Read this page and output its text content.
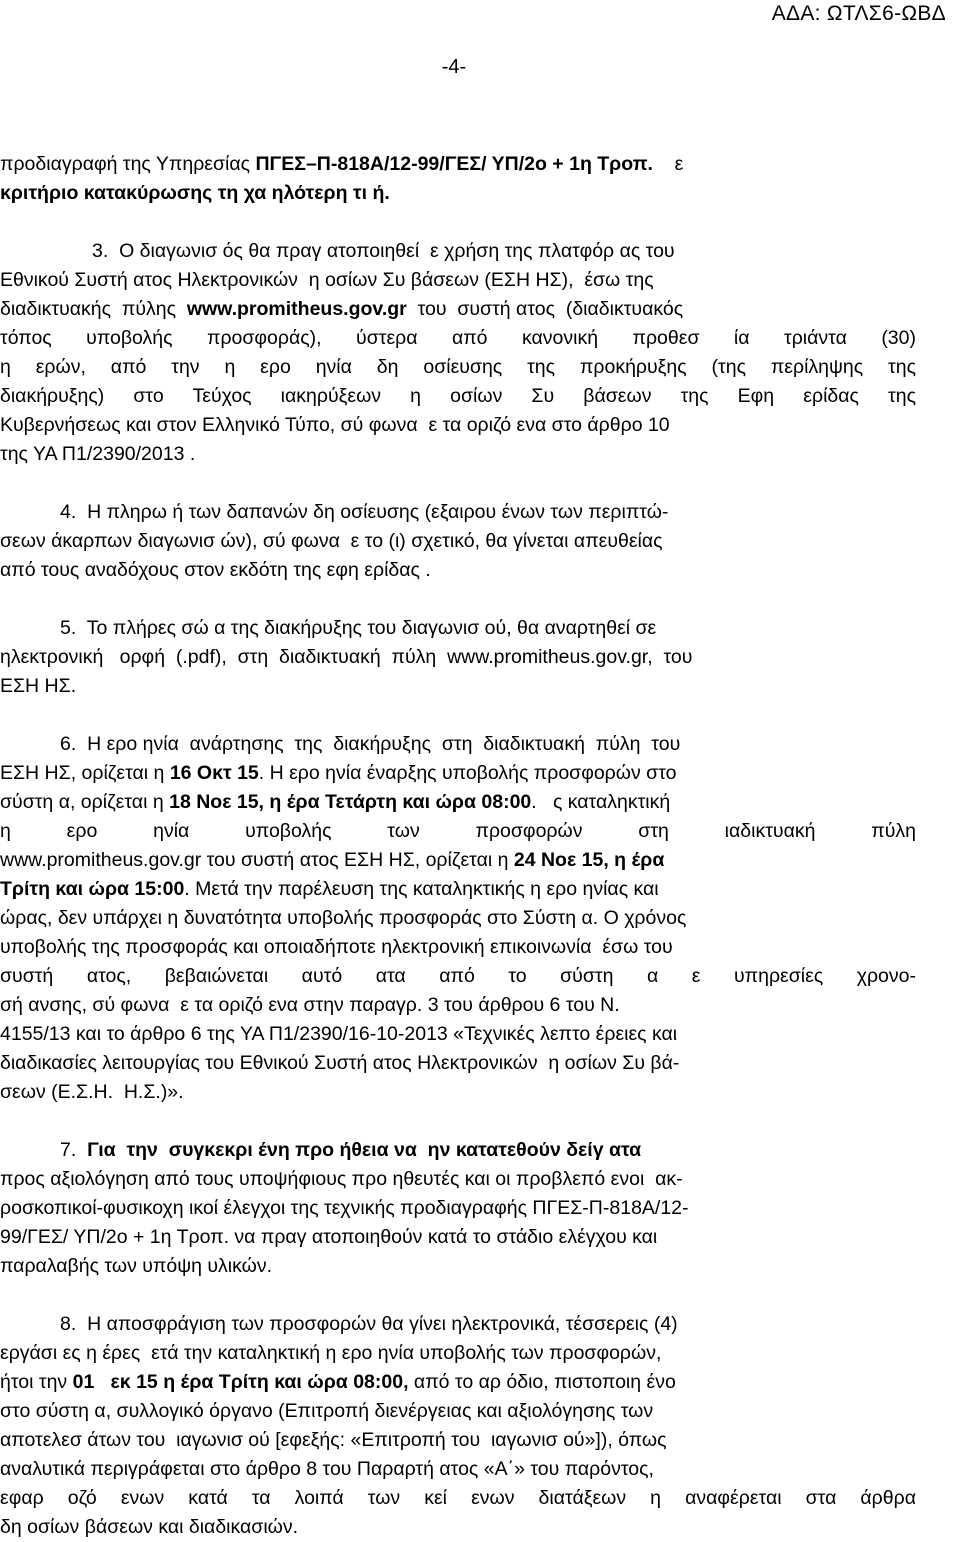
ΑΔΑ: ΩΤΛΣ6-ΩΒΔ
-4-
προδιαγραφή της Υπηρεσίας ΠΓΕΣ–Π-818Α/12-99/ΓΕΣ/ ΥΠ/2ο + 1η Τροπ.    ε
κριτήριο κατακύρωσης τη χα ηλότερη τι ή.
3.  Ο διαγωνισ ός θα πραγ ατοποιηθεί  ε χρήση της πλατφόρ ας του
Εθνικού Συστή ατος Ηλεκτρονικών  η οσίων Συ βάσεων (ΕΣΗ ΗΣ),  έσω της
διαδικτυακής  πύλης  www.promitheus.gov.gr  του  συστή ατος  (διαδικτυακός
τόπος υποβολής προσφοράς), ύστερα από κανονική προθεσ ία τριάντα (30)
η ερών, από την η ερο ηνία δη οσίευσης της προκήρυξης (της περίληψης της
διακήρυξης) στο Τεύχος ιακηρύξεων η οσίων Συ βάσεων της Εφη ερίδας της
Κυβερνήσεως και στον Ελληνικό Τύπο, σύ φωνα  ε τα οριζό ενα στο άρθρο 10
της ΥΑ Π1/2390/2013 .
4.  Η πληρω ή των δαπανών δη οσίευσης (εξαιρου ένων των περιπτώ-
σεων άκαρπων διαγωνισ ών), σύ φωνα  ε το (ι) σχετικό, θα γίνεται απευθείας
από τους αναδόχους στον εκδότη της εφη ερίδας .
5.  Το πλήρες σώ α της διακήρυξης του διαγωνισ ού, θα αναρτηθεί σε
ηλεκτρονική   ορφή  (.pdf),  στη  διαδικτυακή  πύλη  www.promitheus.gov.gr,  του
ΕΣΗ ΗΣ.
6.  Η ερο ηνία  ανάρτησης  της  διακήρυξης  στη  διαδικτυακή  πύλη  του
ΕΣΗ ΗΣ, ορίζεται η 16 Οκτ 15. Η ερο ηνία έναρξης υποβολής προσφορών στο
σύστη α, ορίζεται η 18 Νοε 15, η έρα Τετάρτη και ώρα 08:00.   ς καταληκτική
η ερο ηνία υποβολής των προσφορών στη ιαδικτυακή πύλη
www.promitheus.gov.gr του συστή ατος ΕΣΗ ΗΣ, ορίζεται η 24 Νοε 15, η έρα
Τρίτη και ώρα 15:00. Μετά την παρέλευση της καταληκτικής η ερο ηνίας και
ώρας, δεν υπάρχει η δυνατότητα υποβολής προσφοράς στο Σύστη α. Ο χρόνος
υποβολής της προσφοράς και οποιαδήποτε ηλεκτρονική επικοινωνία  έσω του
συστή ατος, βεβαιώνεται αυτό ατα από το σύστη α ε υπηρεσίες χρονο-
σή ανσης, σύ φωνα  ε τα οριζό ενα στην παραγρ. 3 του άρθρου 6 του Ν.
4155/13 και το άρθρο 6 της ΥΑ Π1/2390/16-10-2013 «Τεχνικές λεπτο έρειες και
διαδικασίες λειτουργίας του Εθνικού Συστή ατος Ηλεκτρονικών  η οσίων Συ βά-
σεων (Ε.Σ.Η.  Η.Σ.)».
7.  Για  την  συγκεκρι ένη προ ήθεια να  ην κατατεθούν δείγ ατα
προς αξιολόγηση από τους υποψήφιους προ ηθευτές και οι προβλεπό ενοι  ακ-
ροσκοπικοί-φυσικοχη ικοί έλεγχοι της τεχνικής προδιαγραφής ΠΓΕΣ-Π-818Α/12-
99/ΓΕΣ/ ΥΠ/2ο + 1η Τροπ. να πραγ ατοποιηθούν κατά το στάδιο ελέγχου και
παραλαβής των υπόψη υλικών.
8.  Η αποσφράγιση των προσφορών θα γίνει ηλεκτρονικά, τέσσερεις (4)
εργάσι ες η έρες  ετά την καταληκτική η ερο ηνία υποβολής των προσφορών,
ήτοι την 01   εκ 15 η έρα Τρίτη και ώρα 08:00, από το αρ όδιο, πιστοποιη ένο
στο σύστη α, συλλογικό όργανο (Επιτροπή διενέργειας και αξιολόγησης των
αποτελεσ άτων του  ιαγωνισ ού [εφεξής: «Επιτροπή του  ιαγωνισ ού»]), όπως
αναλυτικά περιγράφεται στο άρθρο 8 του Παραρτή ατος «Α΄» του παρόντος,
εφαρ οζό ενων κατά τα λοιπά των κεί ενων διατάξεων η αναφέρεται στα άρθρα
δη οσίων βάσεων και διαδικασιών.
